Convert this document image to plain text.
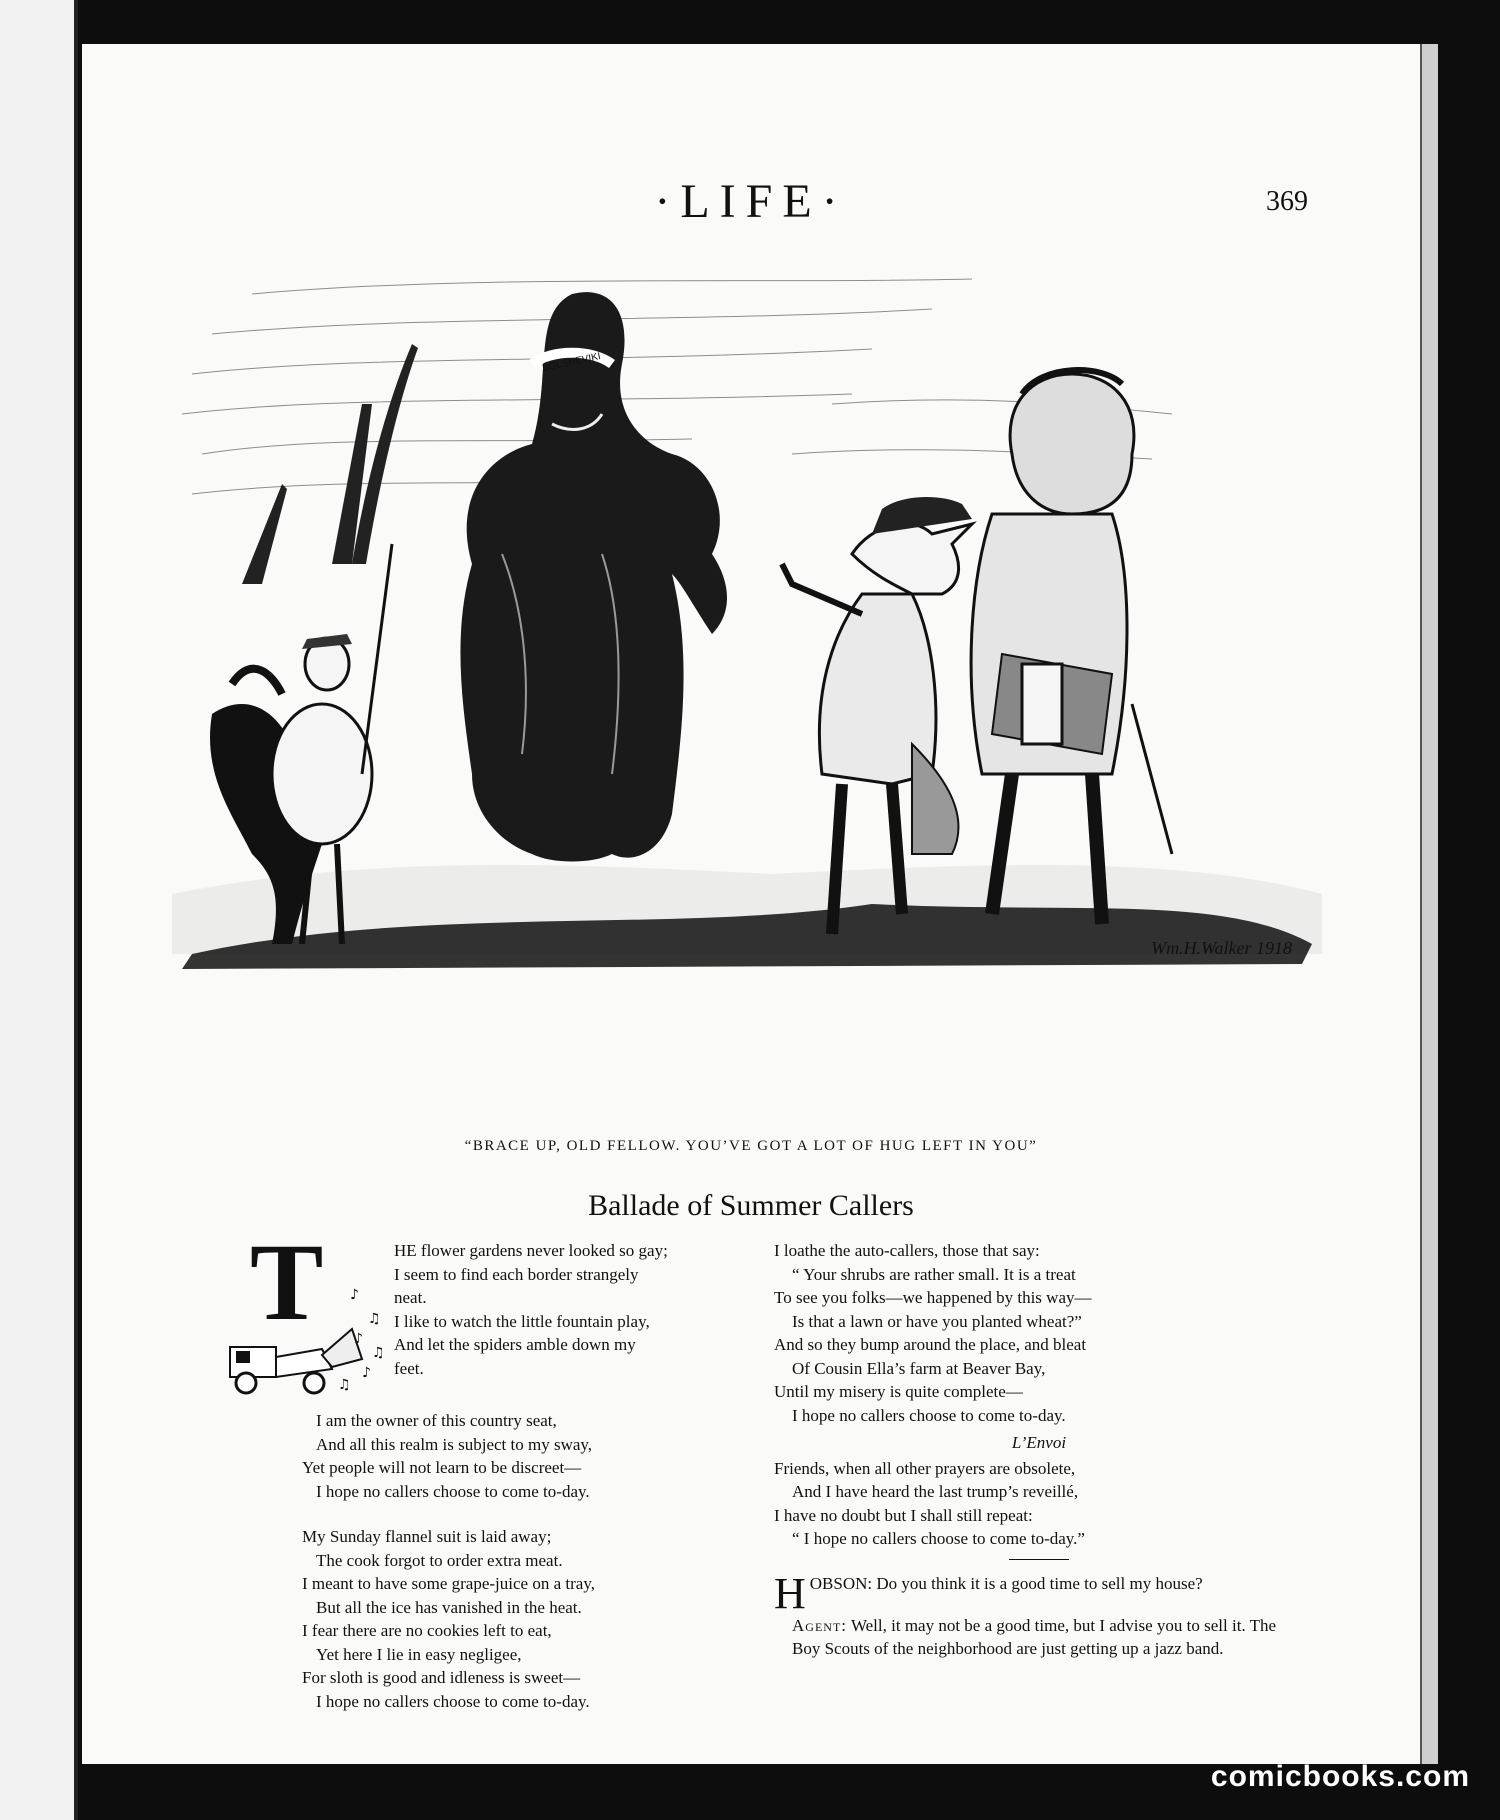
·LIFE·	369
BOLSHEVIKI
Wm.H.Walker 1918
“BRACE UP, OLD FELLOW. YOU’VE GOT A LOT OF HUG LEFT IN YOU”
Ballade of Summer Callers
T ♪
♫
♪
♫
♪
♫
HE flower gardens never looked so gay;
I seem to find each border strangely
neat.
I like to watch the little fountain play,
And let the spiders amble down my
feet.
I am the owner of this country seat,
And all this realm is subject to my sway,
Yet people will not learn to be discreet—
I hope no callers choose to come to-day.
My Sunday flannel suit is laid away;
The cook forgot to order extra meat.
I meant to have some grape-juice on a tray,
But all the ice has vanished in the heat.
I fear there are no cookies left to eat,
Yet here I lie in easy negligee,
For sloth is good and idleness is sweet—
I hope no callers choose to come to-day.
I loathe the auto-callers, those that say:
“ Your shrubs are rather small. It is a treat
To see you folks—we happened by this way—
Is that a lawn or have you planted wheat?”
And so they bump around the place, and bleat
Of Cousin Ella’s farm at Beaver Bay,
Until my misery is quite complete—
I hope no callers choose to come to-day.
L’Envoi
Friends, when all other prayers are obsolete,
And I have heard the last trump’s reveillé,
I have no doubt but I shall still repeat:
“ I hope no callers choose to come to-day.”
H OBSON: Do you think it is a good time to sell my house?
Agent: Well, it may not be a good time, but I advise you to sell it. The Boy Scouts of the neighborhood are just getting up a jazz band.
comicbooks.com
